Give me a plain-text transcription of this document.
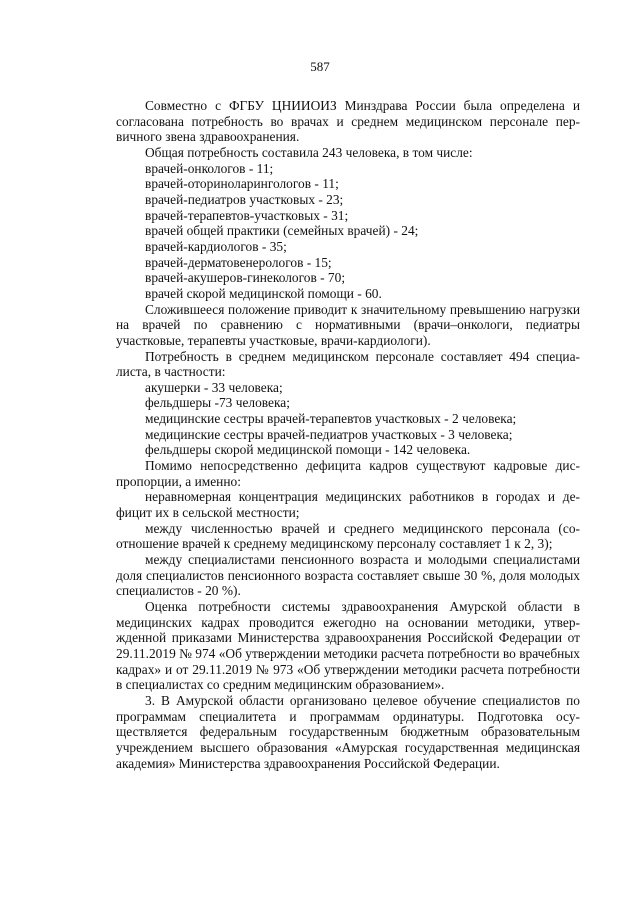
587

Совместно с ФГБУ ЦНИИОИЗ Минздрава России была определена и согласована потребность во врачах и среднем медицинском персонале первичного звена здравоохранения.

Общая потребность составила 243 человека, в том числе:

врачей-онкологов - 11;

врачей-оториноларингологов - 11;

врачей-педиатров участковых - 23;

врачей-терапевтов-участковых - 31;

врачей общей практики (семейных врачей) - 24;

врачей-кардиологов - 35;

врачей-дерматовенерологов - 15;

врачей-акушеров-гинекологов - 70;

врачей скорой медицинской помощи - 60.

Сложившееся положение приводит к значительному превышению нагрузки на врачей по сравнению с нормативными (врачи–онкологи, педиатры участковые, терапевты участковые, врачи-кардиологи).

Потребность в среднем медицинском персонале составляет 494 специалиста, в частности:

акушерки - 33 человека;

фельдшеры -73 человека;

медицинские сестры врачей-терапевтов участковых - 2 человека;

медицинские сестры врачей-педиатров участковых - 3 человека;

фельдшеры скорой медицинской помощи - 142 человека.

Помимо непосредственно дефицита кадров существуют кадровые диспропорции, а именно:

неравномерная концентрация медицинских работников в городах и дефицит их в сельской местности;

между численностью врачей и среднего медицинского персонала (соотношение врачей к среднему медицинскому персоналу составляет 1 к 2, 3);

между специалистами пенсионного возраста и молодыми специалистами доля специалистов пенсионного возраста составляет свыше 30 %, доля молодых специалистов - 20 %).

Оценка потребности системы здравоохранения Амурской области в медицинских кадрах проводится ежегодно на основании методики, утвержденной приказами Министерства здравоохранения Российской Федерации от 29.11.2019 № 974 «Об утверждении методики расчета потребности во врачебных кадрах» и от 29.11.2019 № 973 «Об утверждении методики расчета потребности в специалистах со средним медицинским образованием».

3. В Амурской области организовано целевое обучение специалистов по программам специалитета и программам ординатуры. Подготовка осуществляется федеральным государственным бюджетным образовательным учреждением высшего образования «Амурская государственная медицинская академия» Министерства здравоохранения Российской Федерации.
